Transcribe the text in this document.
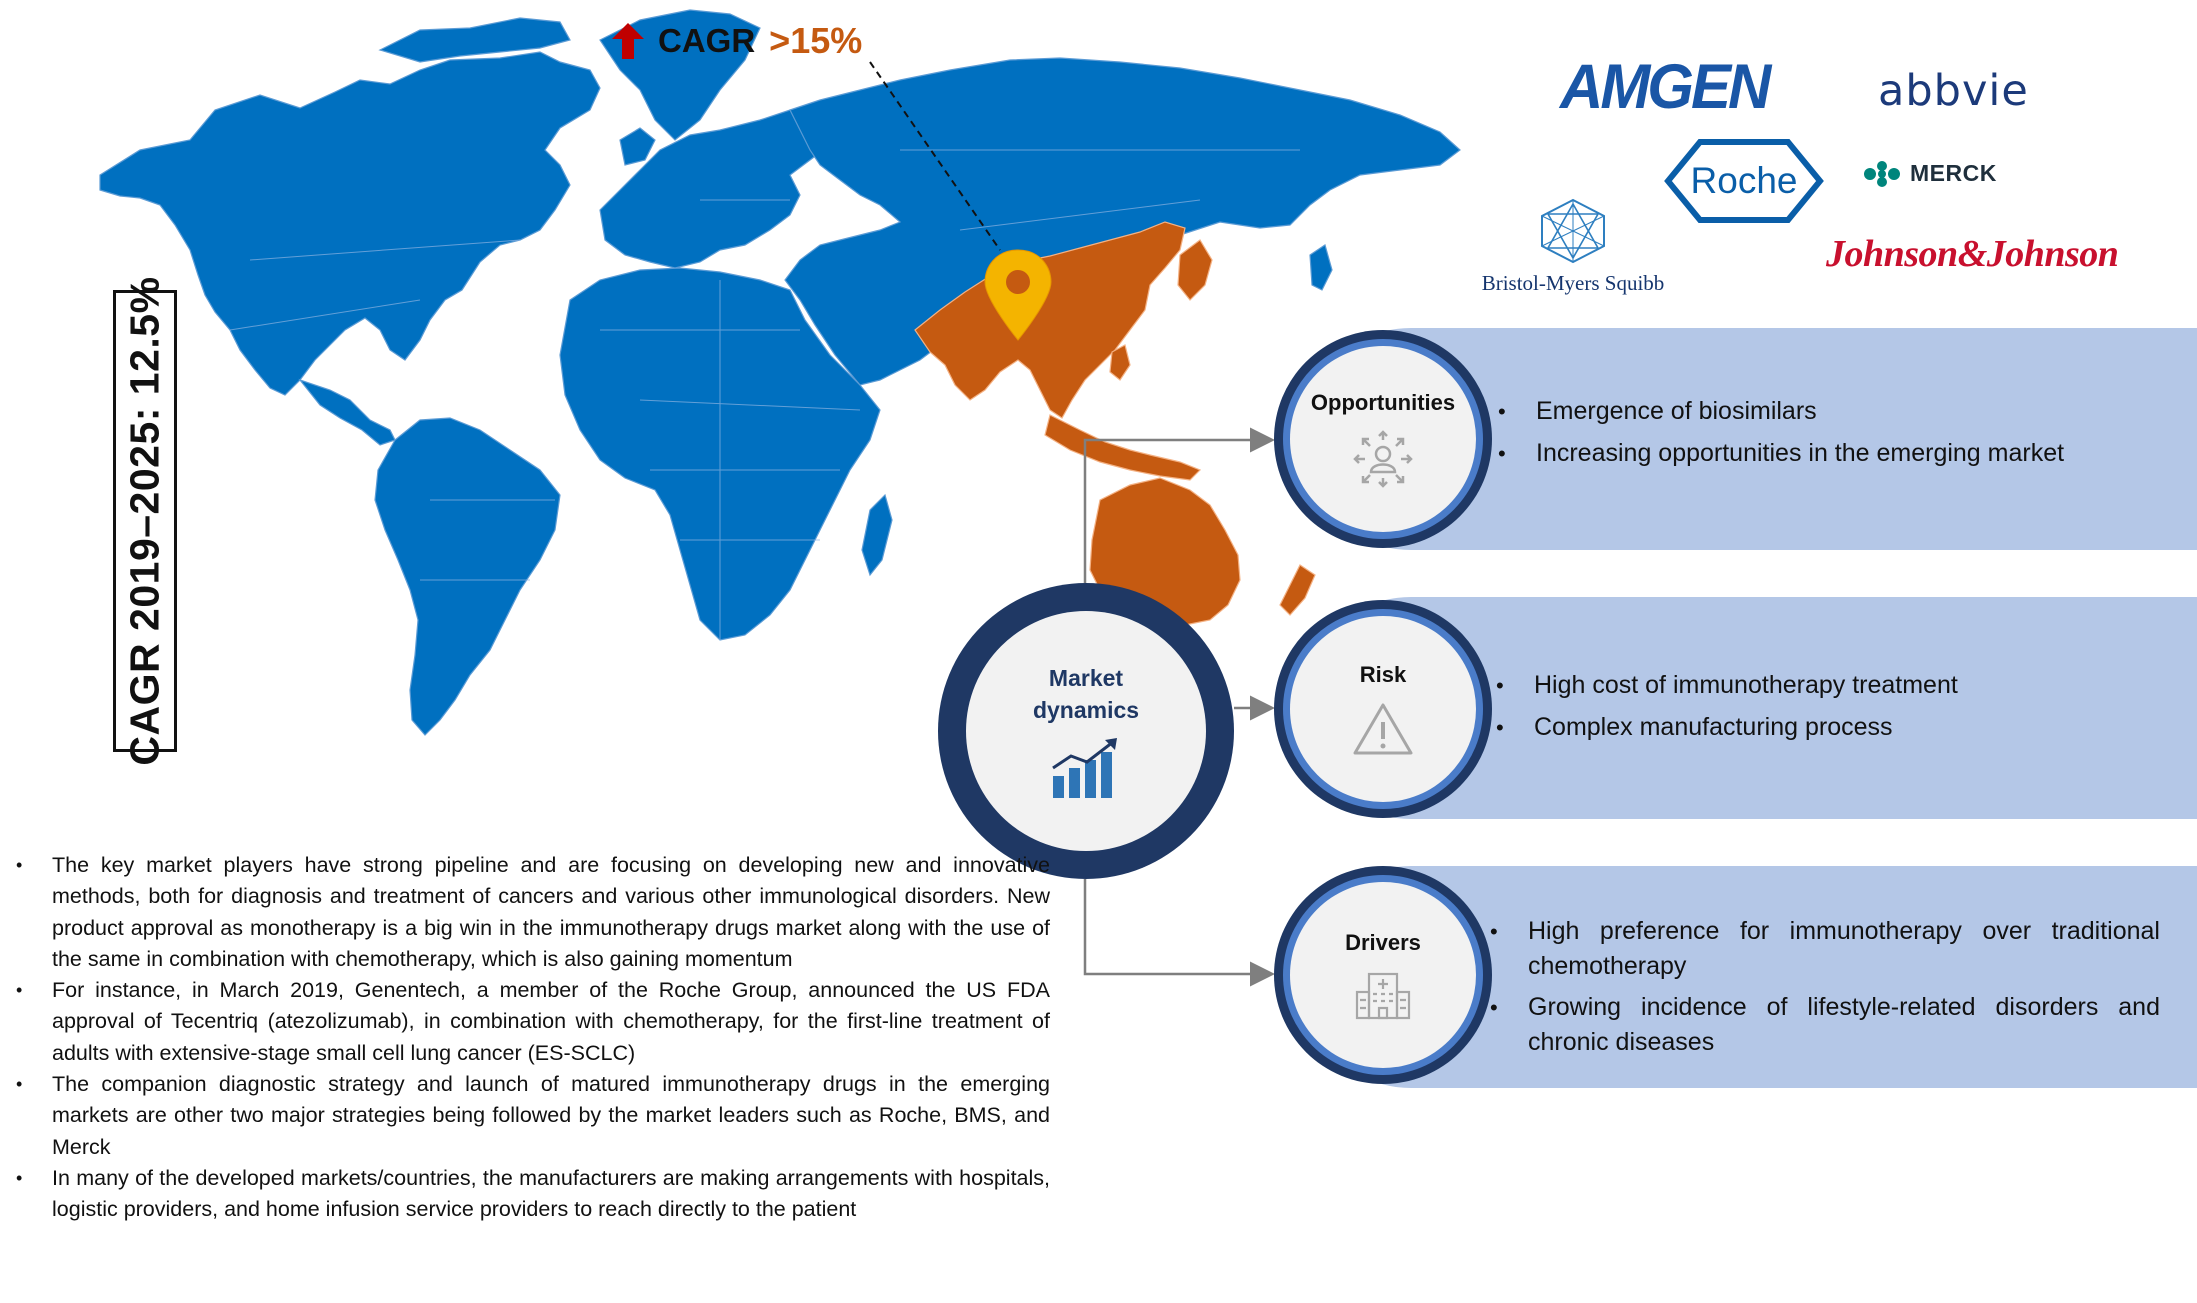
CAGR >15%
CAGR 2019–2025: 12.5%
AMGEN	abbvie
Roche	MERCK
Bristol-Myers Squibb
Johnson&Johnson
Market dynamics
Opportunities
Risk
Drivers
• Emergence of biosimilars
• Increasing opportunities in the emerging market
• High cost of immunotherapy treatment
• Complex manufacturing process
• High preference for immunotherapy over traditional chemotherapy
• Growing incidence of lifestyle-related disorders and chronic diseases
• The key market players have strong pipeline and are focusing on developing new and innovative methods, both for diagnosis and treatment of cancers and various other immunological disorders. New product approval as monotherapy is a big win in the immunotherapy drugs market along with the use of the same in combination with chemotherapy, which is also gaining momentum
• For instance, in March 2019, Genentech, a member of the Roche Group, announced the US FDA approval of Tecentriq (atezolizumab), in combination with chemotherapy, for the first-line treatment of adults with extensive-stage small cell lung cancer (ES-SCLC)
• The companion diagnostic strategy and launch of matured immunotherapy drugs in the emerging markets are other two major strategies being followed by the market leaders such as Roche, BMS, and Merck
• In many of the developed markets/countries, the manufacturers are making arrangements with hospitals, logistic providers, and home infusion service providers to reach directly to the patient
